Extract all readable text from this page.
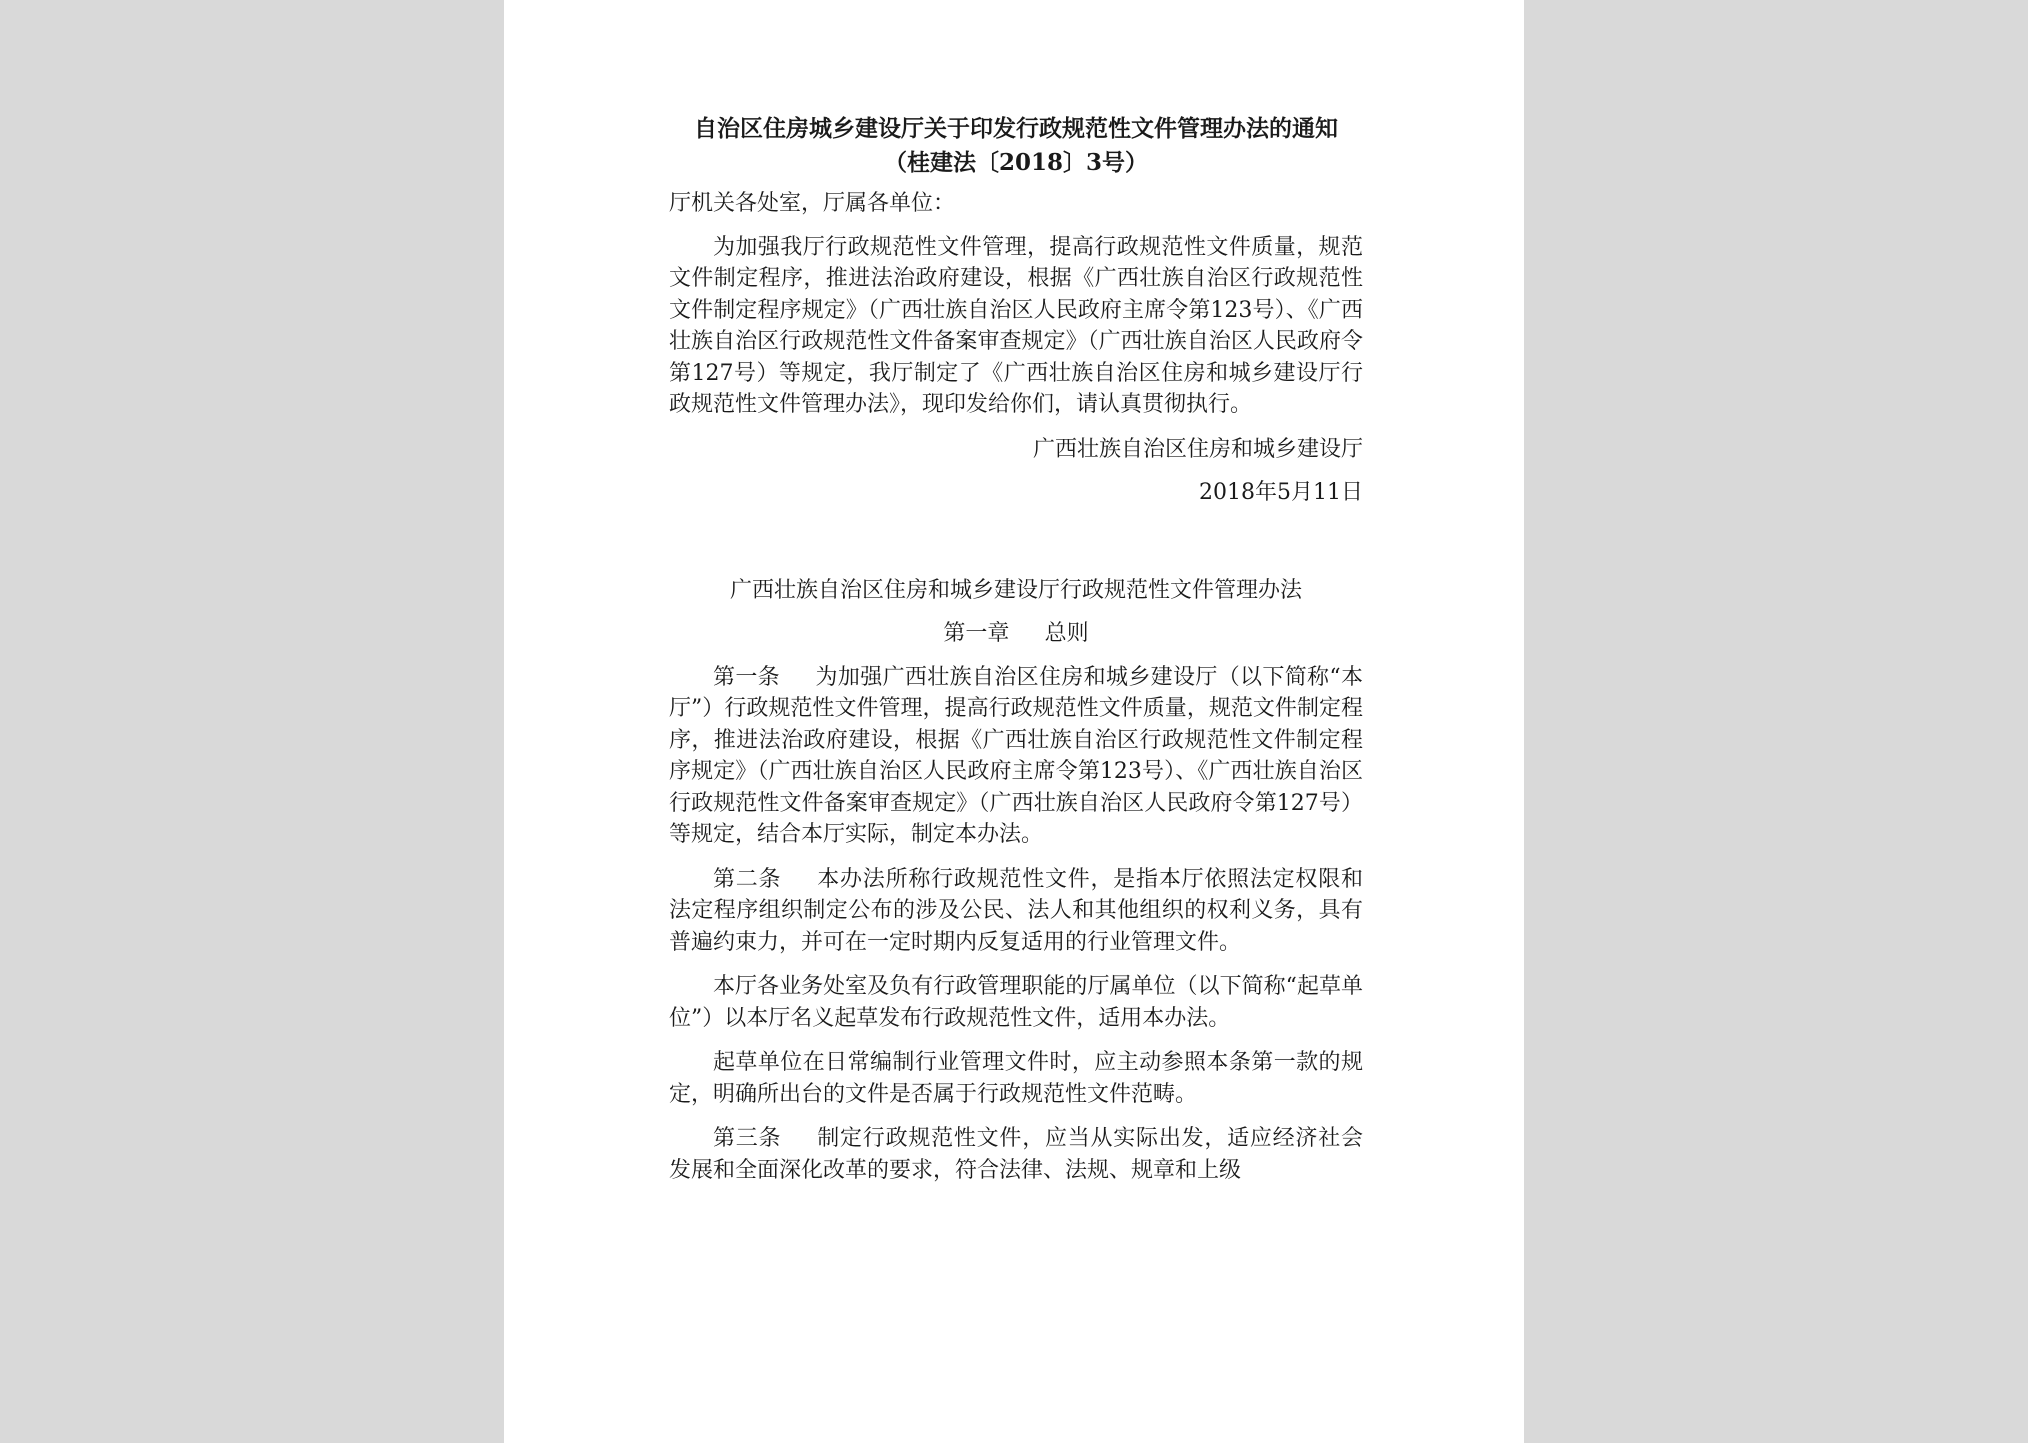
自治区住房城乡建设厅关于印发行政规范性文件管理办法的通知

（桂建法〔2018〕3号）

厅机关各处室，厅属各单位：

为加强我厅行政规范性文件管理，提高行政规范性文件质量，规范文件制定程序，推进法治政府建设，根据《广西壮族自治区行政规范性文件制定程序规定》（广西壮族自治区人民政府主席令第123号）、《广西壮族自治区行政规范性文件备案审查规定》（广西壮族自治区人民政府令第127号）等规定，我厅制定了《广西壮族自治区住房和城乡建设厅行政规范性文件管理办法》，现印发给你们，请认真贯彻执行。

广西壮族自治区住房和城乡建设厅

2018年5月11日

广西壮族自治区住房和城乡建设厅行政规范性文件管理办法

第一章 总则

第一条 为加强广西壮族自治区住房和城乡建设厅（以下简称“本厅”）行政规范性文件管理，提高行政规范性文件质量，规范文件制定程序，推进法治政府建设，根据《广西壮族自治区行政规范性文件制定程序规定》（广西壮族自治区人民政府主席令第123号）、《广西壮族自治区行政规范性文件备案审查规定》（广西壮族自治区人民政府令第127号）等规定，结合本厅实际，制定本办法。

第二条 本办法所称行政规范性文件，是指本厅依照法定权限和法定程序组织制定公布的涉及公民、法人和其他组织的权利义务，具有普遍约束力，并可在一定时期内反复适用的行业管理文件。

本厅各业务处室及负有行政管理职能的厅属单位（以下简称“起草单位”）以本厅名义起草发布行政规范性文件，适用本办法。

起草单位在日常编制行业管理文件时，应主动参照本条第一款的规定，明确所出台的文件是否属于行政规范性文件范畴。

第三条 制定行政规范性文件，应当从实际出发，适应经济社会发展和全面深化改革的要求，符合法律、法规、规章和上级
